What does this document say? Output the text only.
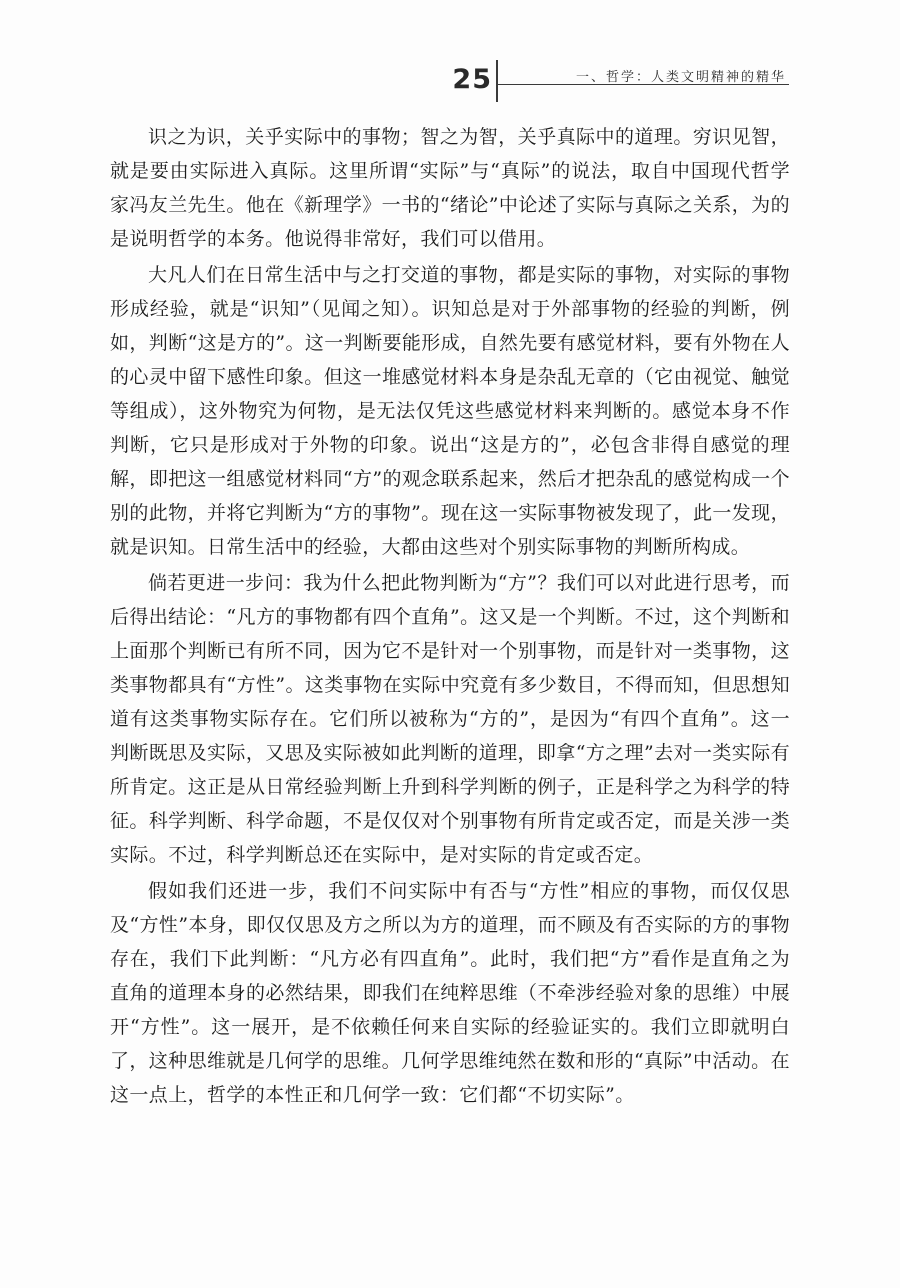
25	一、哲学：人类文明精神的精华

识之为识，关乎实际中的事物；智之为智，关乎真际中的道理。穷识见智，就是要由实际进入真际。这里所谓“实际”与“真际”的说法，取自中国现代哲学家冯友兰先生。他在《新理学》一书的“绪论”中论述了实际与真际之关系，为的是说明哲学的本务。他说得非常好，我们可以借用。

大凡人们在日常生活中与之打交道的事物，都是实际的事物，对实际的事物形成经验，就是“识知”（见闻之知）。识知总是对于外部事物的经验的判断，例如，判断“这是方的”。这一判断要能形成，自然先要有感觉材料，要有外物在人的心灵中留下感性印象。但这一堆感觉材料本身是杂乱无章的（它由视觉、触觉等组成），这外物究为何物，是无法仅凭这些感觉材料来判断的。感觉本身不作判断，它只是形成对于外物的印象。说出“这是方的”，必包含非得自感觉的理解，即把这一组感觉材料同“方”的观念联系起来，然后才把杂乱的感觉构成一个别的此物，并将它判断为“方的事物”。现在这一实际事物被发现了，此一发现，就是识知。日常生活中的经验，大都由这些对个别实际事物的判断所构成。

倘若更进一步问：我为什么把此物判断为“方”？我们可以对此进行思考，而后得出结论：“凡方的事物都有四个直角”。这又是一个判断。不过，这个判断和上面那个判断已有所不同，因为它不是针对一个别事物，而是针对一类事物，这类事物都具有“方性”。这类事物在实际中究竟有多少数目，不得而知，但思想知道有这类事物实际存在。它们所以被称为“方的”，是因为“有四个直角”。这一判断既思及实际，又思及实际被如此判断的道理，即拿“方之理”去对一类实际有所肯定。这正是从日常经验判断上升到科学判断的例子，正是科学之为科学的特征。科学判断、科学命题，不是仅仅对个别事物有所肯定或否定，而是关涉一类实际。不过，科学判断总还在实际中，是对实际的肯定或否定。

假如我们还进一步，我们不问实际中有否与“方性”相应的事物，而仅仅思及“方性”本身，即仅仅思及方之所以为方的道理，而不顾及有否实际的方的事物存在，我们下此判断：“凡方必有四直角”。此时，我们把“方”看作是直角之为直角的道理本身的必然结果，即我们在纯粹思维（不牵涉经验对象的思维）中展开“方性”。这一展开，是不依赖任何来自实际的经验证实的。我们立即就明白了，这种思维就是几何学的思维。几何学思维纯然在数和形的“真际”中活动。在这一点上，哲学的本性正和几何学一致：它们都“不切实际”。
